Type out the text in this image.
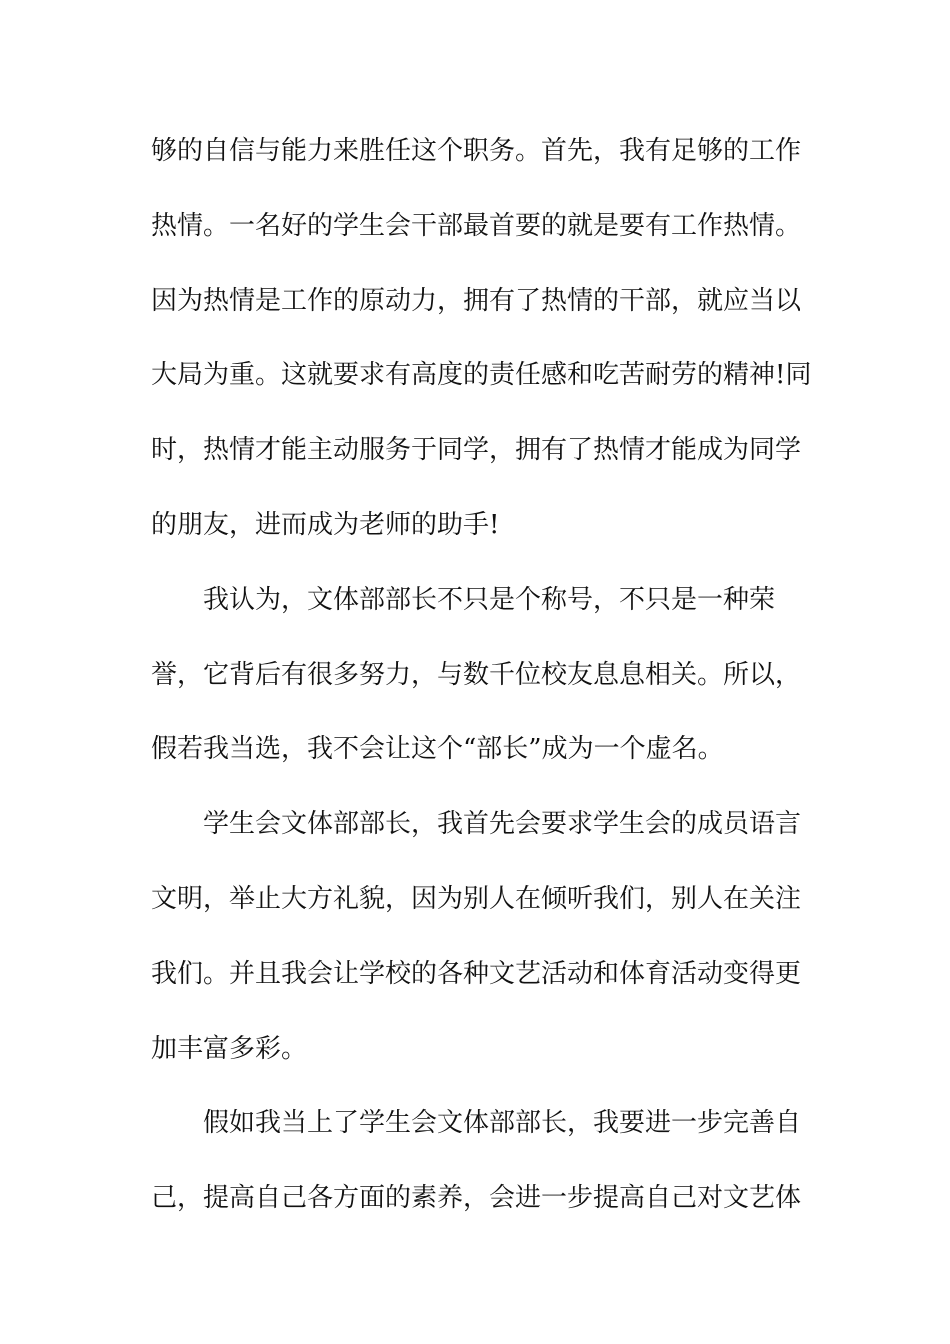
够的自信与能力来胜任这个职务。首先，我有足够的工作
热情。一名好的学生会干部最首要的就是要有工作热情。
因为热情是工作的原动力，拥有了热情的干部，就应当以
大局为重。这就要求有高度的责任感和吃苦耐劳的精神!同
时，热情才能主动服务于同学，拥有了热情才能成为同学
的朋友，进而成为老师的助手!
我认为，文体部部长不只是个称号，不只是一种荣
誉，它背后有很多努力，与数千位校友息息相关。所以，
假若我当选，我不会让这个“部长”成为一个虚名。
学生会文体部部长，我首先会要求学生会的成员语言
文明，举止大方礼貌，因为别人在倾听我们，别人在关注
我们。并且我会让学校的各种文艺活动和体育活动变得更
加丰富多彩。
假如我当上了学生会文体部部长，我要进一步完善自
己，提高自己各方面的素养，会进一步提高自己对文艺体
